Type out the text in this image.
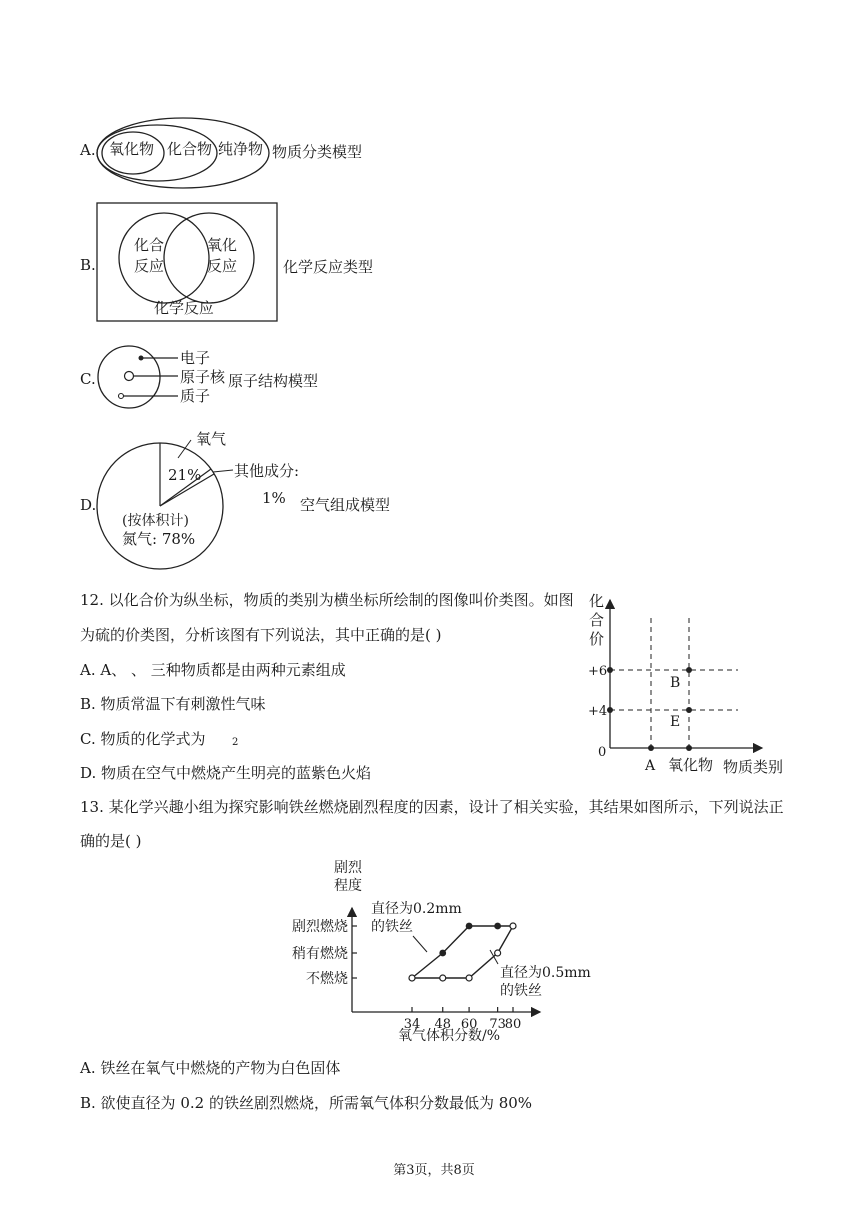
A. 氧化物 化合物 纯净物 物质分类模型
B.
化合
反应
氧化
反应
化学反应
化学反应类型
C.
电子
原子核
质子
原子结构模型
D.
氧气
21% 其他成分:
1%
(按体积计)
氮气: 78%
空气组成模型
12. 以化合价为纵坐标，物质的类别为横坐标所绘制的图像叫价类图。如图
为硫的价类图，分析该图有下列说法，其中正确的是( )
A. A、 、 三种物质都是由两种元素组成
B. 物质常温下有刺激性气味
C. 物质的化学式为	2
D. 物质在空气中燃烧产生明亮的蓝紫色火焰
化
合
价
+6
+4
0
B
E
A 氧化物 物质类别
13. 某化学兴趣小组为探究影响铁丝燃烧剧烈程度的因素，设计了相关实验，其结果如图所示，下列说法正
确的是( )
剧烈
程度
氧气体积分数/%
直径为0.2mm
的铁丝
直径为0.5mm
的铁丝
不燃烧
稍有燃烧
剧烈燃烧
34 48 60 73
80
A. 铁丝在氧气中燃烧的产物为白色固体
B. 欲使直径为 0.2 的铁丝剧烈燃烧，所需氧气体积分数最低为 80%
第3页，共8页
